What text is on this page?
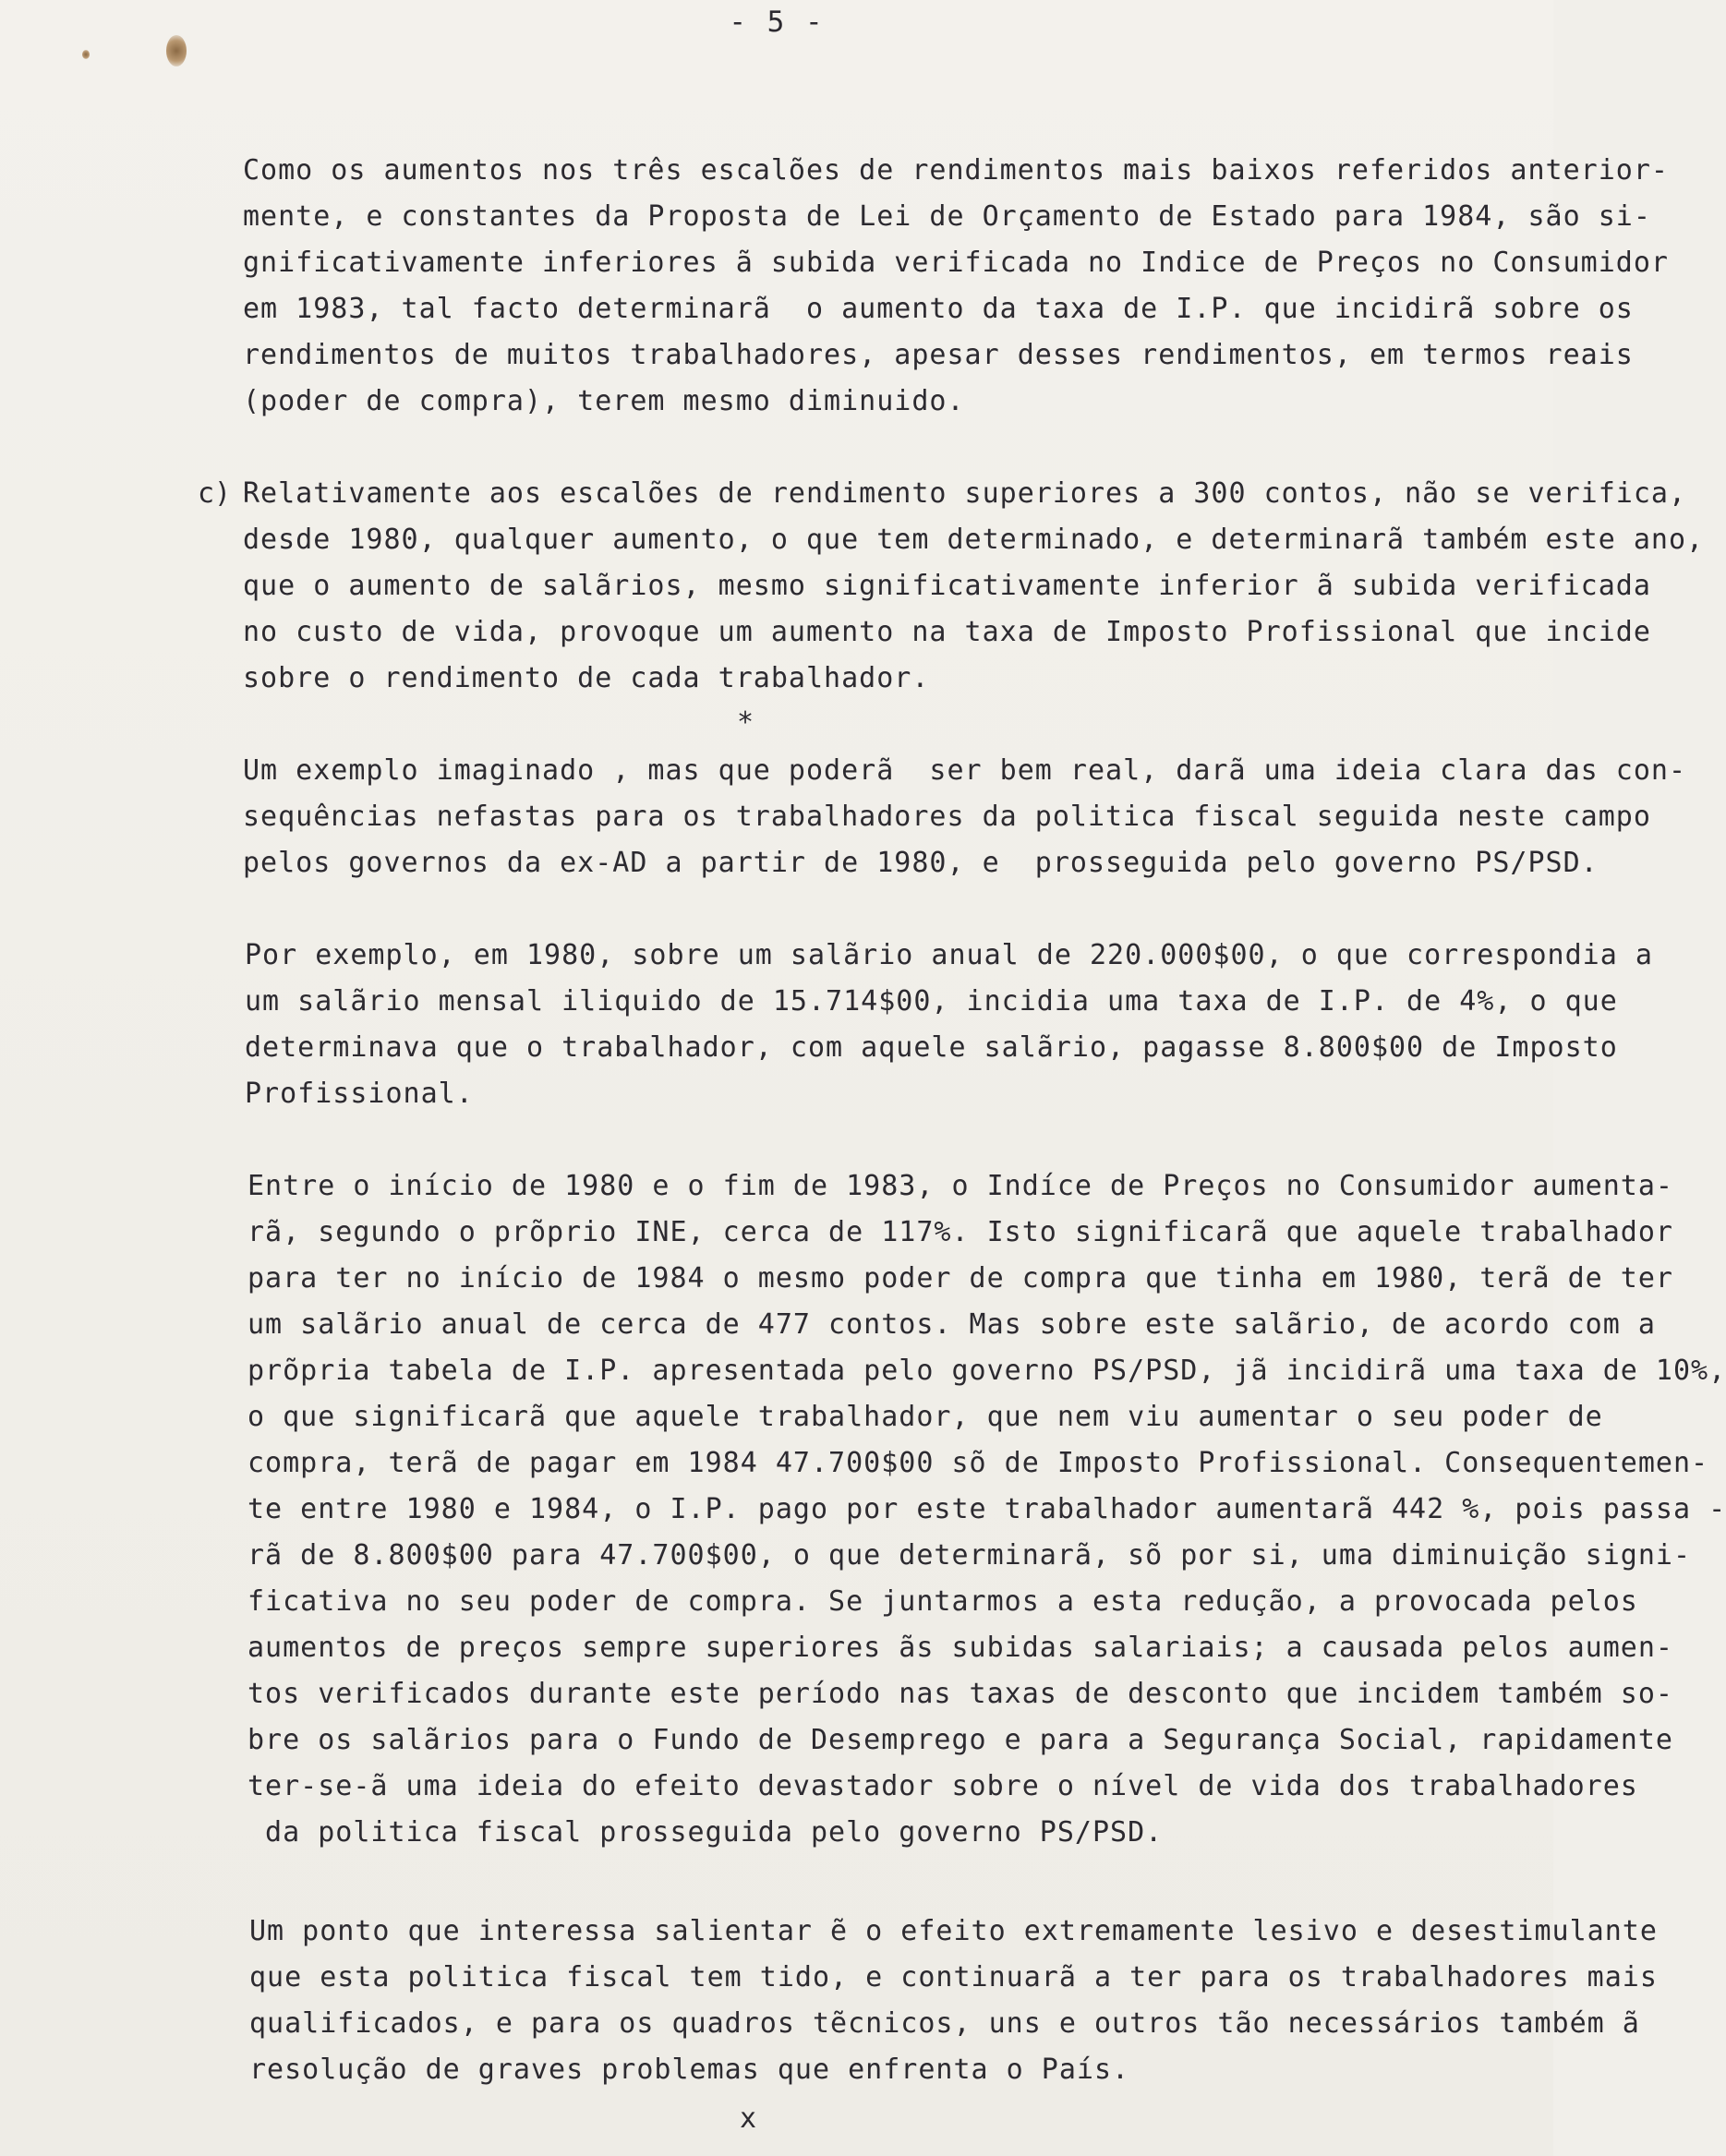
- 5 -
Como os aumentos nos três escalões de rendimentos mais baixos referidos anterior-
mente, e constantes da Proposta de Lei de Orçamento de Estado para 1984, são si-
gnificativamente inferiores ã subida verificada no Indice de Preços no Consumidor
em 1983, tal facto determinarã  o aumento da taxa de I.P. que incidirã sobre os
rendimentos de muitos trabalhadores, apesar desses rendimentos, em termos reais
(poder de compra), terem mesmo diminuido.
c) Relativamente aos escalões de rendimento superiores a 300 contos, não se verifica,
desde 1980, qualquer aumento, o que tem determinado, e determinarã também este ano,
que o aumento de salãrios, mesmo significativamente inferior ã subida verificada
no custo de vida, provoque um aumento na taxa de Imposto Profissional que incide
sobre o rendimento de cada trabalhador.
*
Um exemplo imaginado , mas que poderã  ser bem real, darã uma ideia clara das con-
sequências nefastas para os trabalhadores da politica fiscal seguida neste campo
pelos governos da ex-AD a partir de 1980, e  prosseguida pelo governo PS/PSD.
Por exemplo, em 1980, sobre um salãrio anual de 220.000$00, o que correspondia a
um salãrio mensal iliquido de 15.714$00, incidia uma taxa de I.P. de 4%, o que
determinava que o trabalhador, com aquele salãrio, pagasse 8.800$00 de Imposto
Profissional.
Entre o início de 1980 e o fim de 1983, o Indíce de Preços no Consumidor aumenta-
rã, segundo o prõprio INE, cerca de 117%. Isto significarã que aquele trabalhador
para ter no início de 1984 o mesmo poder de compra que tinha em 1980, terã de ter
um salãrio anual de cerca de 477 contos. Mas sobre este salãrio, de acordo com a
prõpria tabela de I.P. apresentada pelo governo PS/PSD, jã incidirã uma taxa de 10%,
o que significarã que aquele trabalhador, que nem viu aumentar o seu poder de
compra, terã de pagar em 1984 47.700$00 sõ de Imposto Profissional. Consequentemen-
te entre 1980 e 1984, o I.P. pago por este trabalhador aumentarã 442 %, pois passa -
rã de 8.800$00 para 47.700$00, o que determinarã, sõ por si, uma diminuição signi-
ficativa no seu poder de compra. Se juntarmos a esta redução, a provocada pelos
aumentos de preços sempre superiores ãs subidas salariais; a causada pelos aumen-
tos verificados durante este período nas taxas de desconto que incidem também so-
bre os salãrios para o Fundo de Desemprego e para a Segurança Social, rapidamente
ter-se-ã uma ideia do efeito devastador sobre o nível de vida dos trabalhadores
da politica fiscal prosseguida pelo governo PS/PSD.
Um ponto que interessa salientar ẽ o efeito extremamente lesivo e desestimulante
que esta politica fiscal tem tido, e continuarã a ter para os trabalhadores mais
qualificados, e para os quadros tẽcnicos, uns e outros tão necessários também ã
resolução de graves problemas que enfrenta o País.
x
